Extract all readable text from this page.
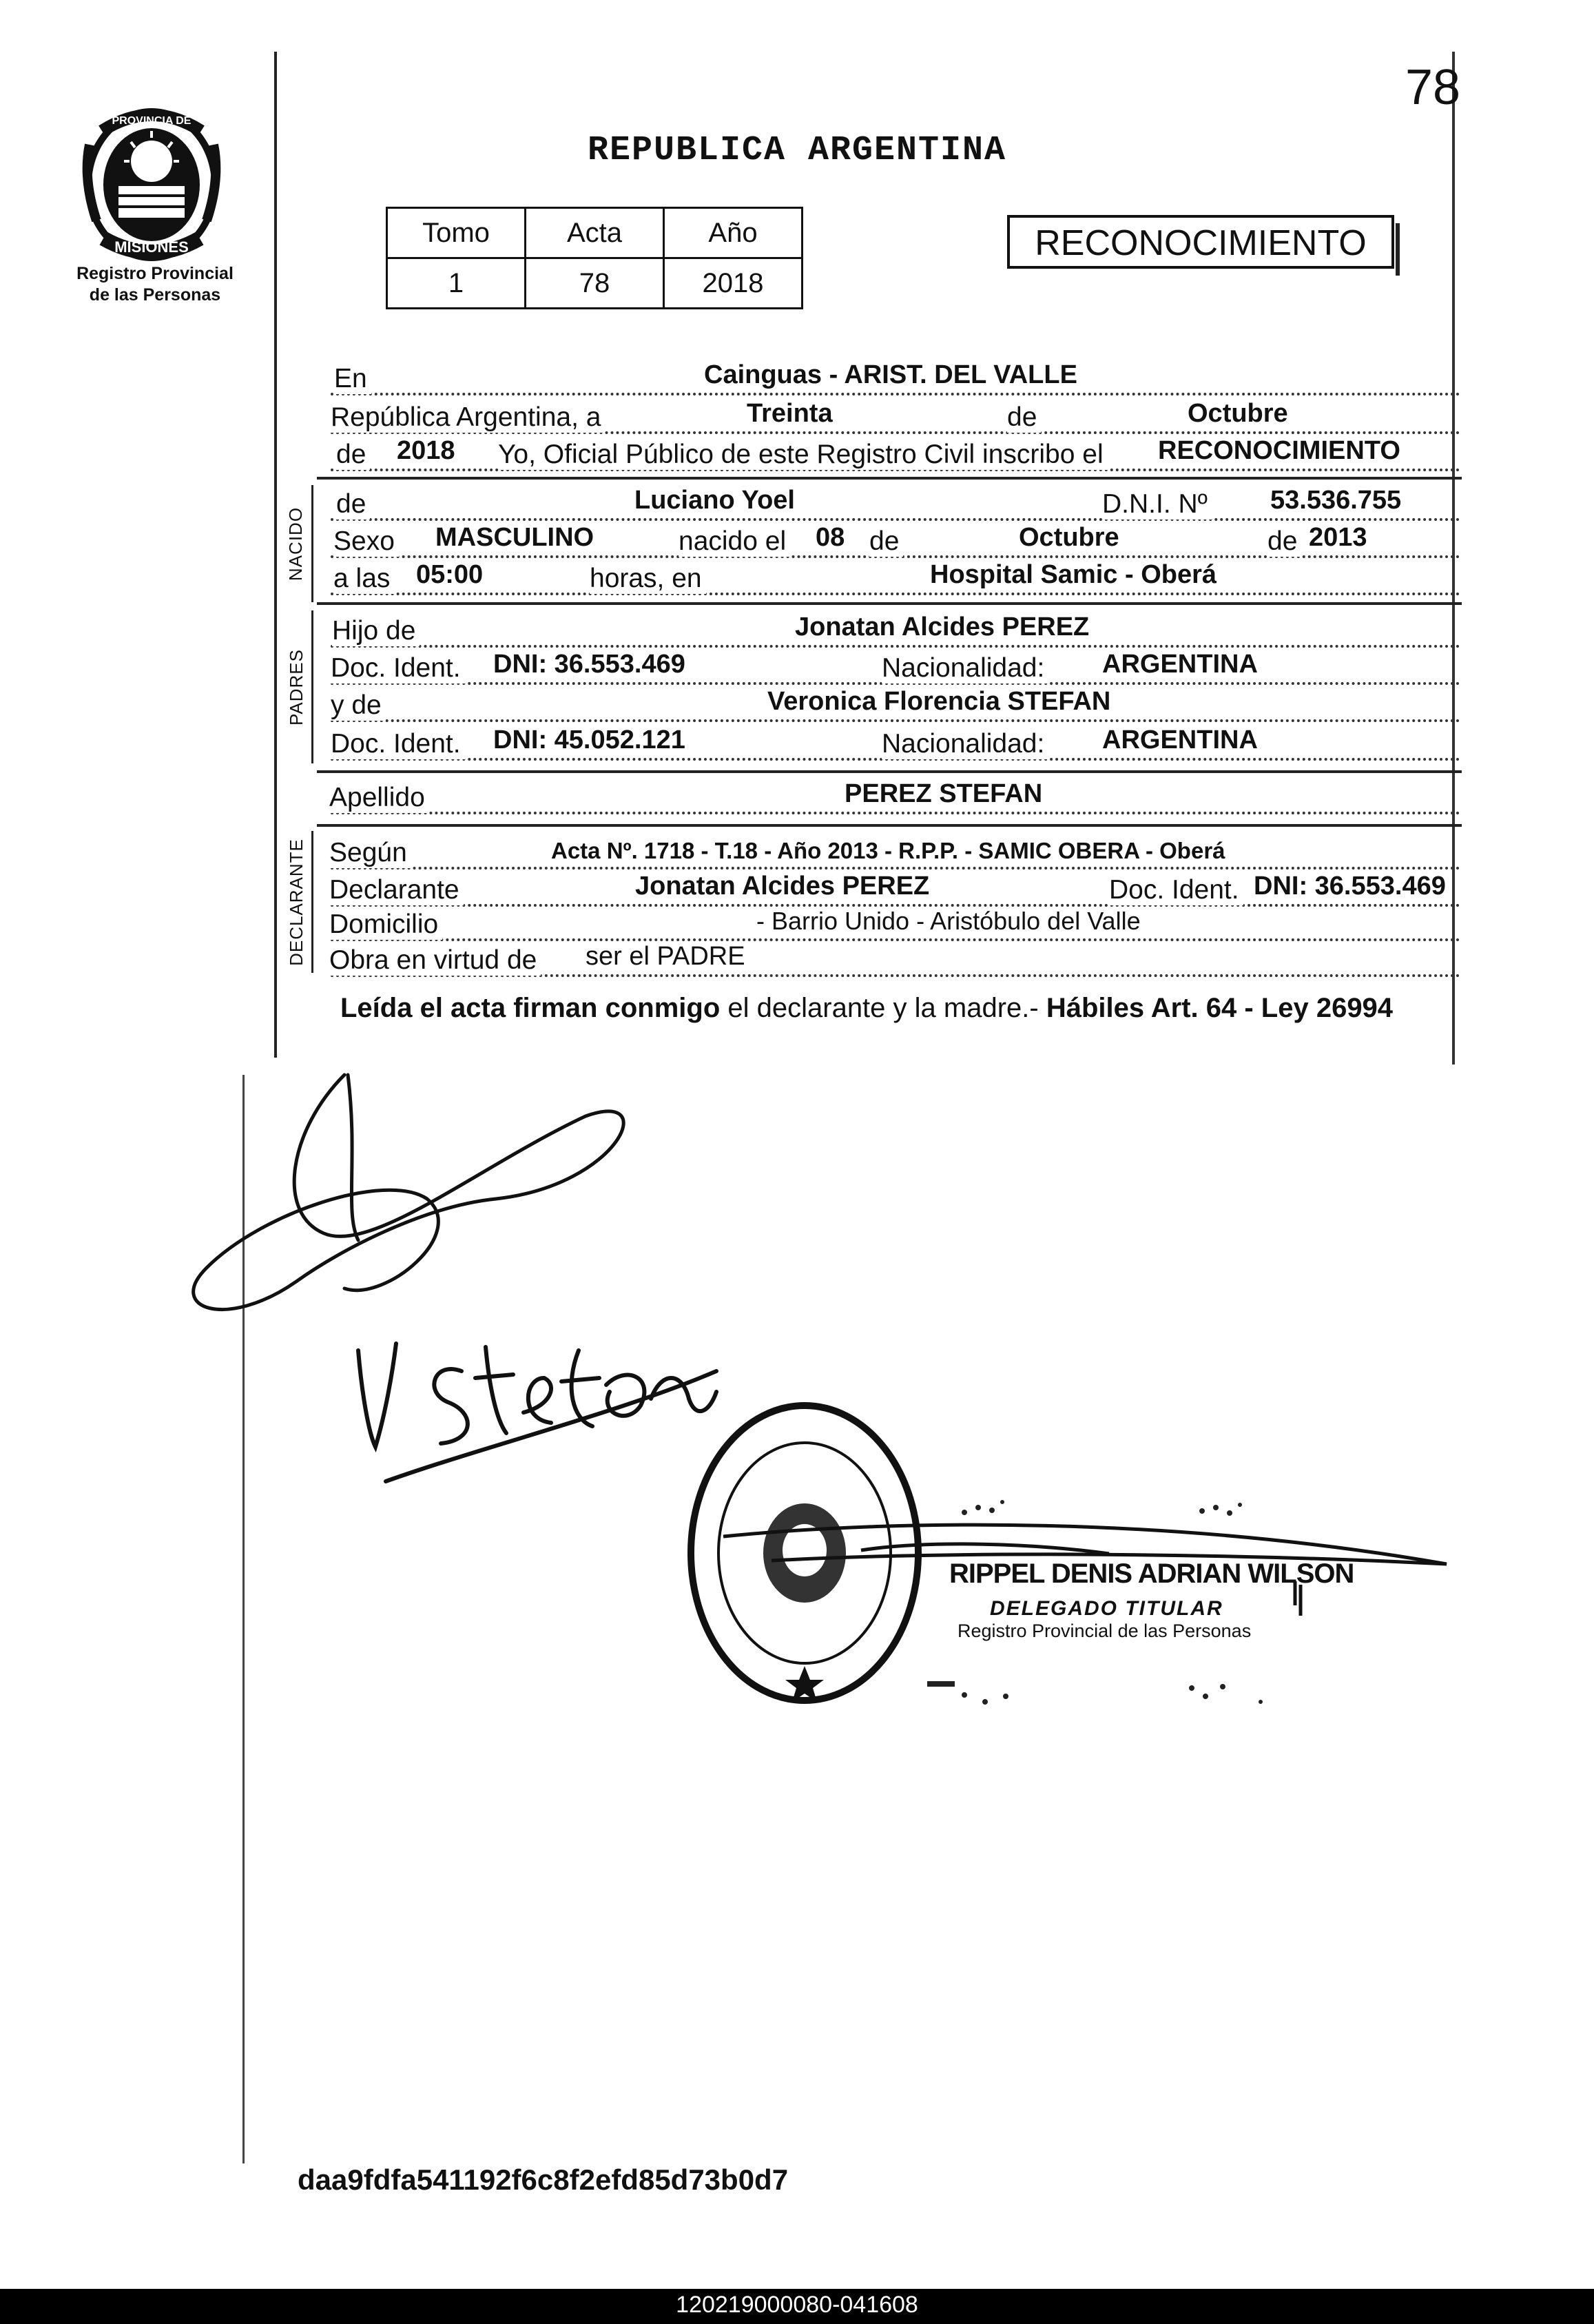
78
MISIONES
PROVINCIA DE
Registro Provincial
de las Personas
REPUBLICA ARGENTINA
Tomo	Acta	Año
1	78	2018
RECONOCIMIENTO
En	Cainguas - ARIST. DEL VALLE
República Argentina, a	Treinta	de	Octubre
de 2018 Yo, Oficial Público de este Registro Civil inscribo el RECONOCIMIENTO
NACIDO
de	Luciano Yoel	D.N.I. Nº 53.536.755
Sexo MASCULINO	nacido el 08 de	Octubre	de 2013
a las 05:00	horas, en	Hospital Samic - Oberá
PADRES
Hijo de	Jonatan Alcides PEREZ
Doc. Ident. DNI: 36.553.469	Nacionalidad: ARGENTINA
y de	Veronica Florencia STEFAN
Doc. Ident. DNI: 45.052.121	Nacionalidad: ARGENTINA
Apellido	PEREZ STEFAN
DECLARANTE Según	Acta Nº. 1718 - T.18 - Año 2013 - R.P.P. - SAMIC OBERA - Oberá
Declarante	Jonatan Alcides PEREZ	Doc. Ident. DNI: 36.553.469
Domicilio	- Barrio Unido - Aristóbulo del Valle
Obra en virtud de ser el PADRE
Leída el acta firman conmigo el declarante y la madre.- Hábiles Art. 64 - Ley 26994
RIPPEL DENIS ADRIAN WILSON
DELEGADO TITULAR
Registro Provincial de las Personas
daa9fdfa541192f6c8f2efd85d73b0d7
120219000080-041608
